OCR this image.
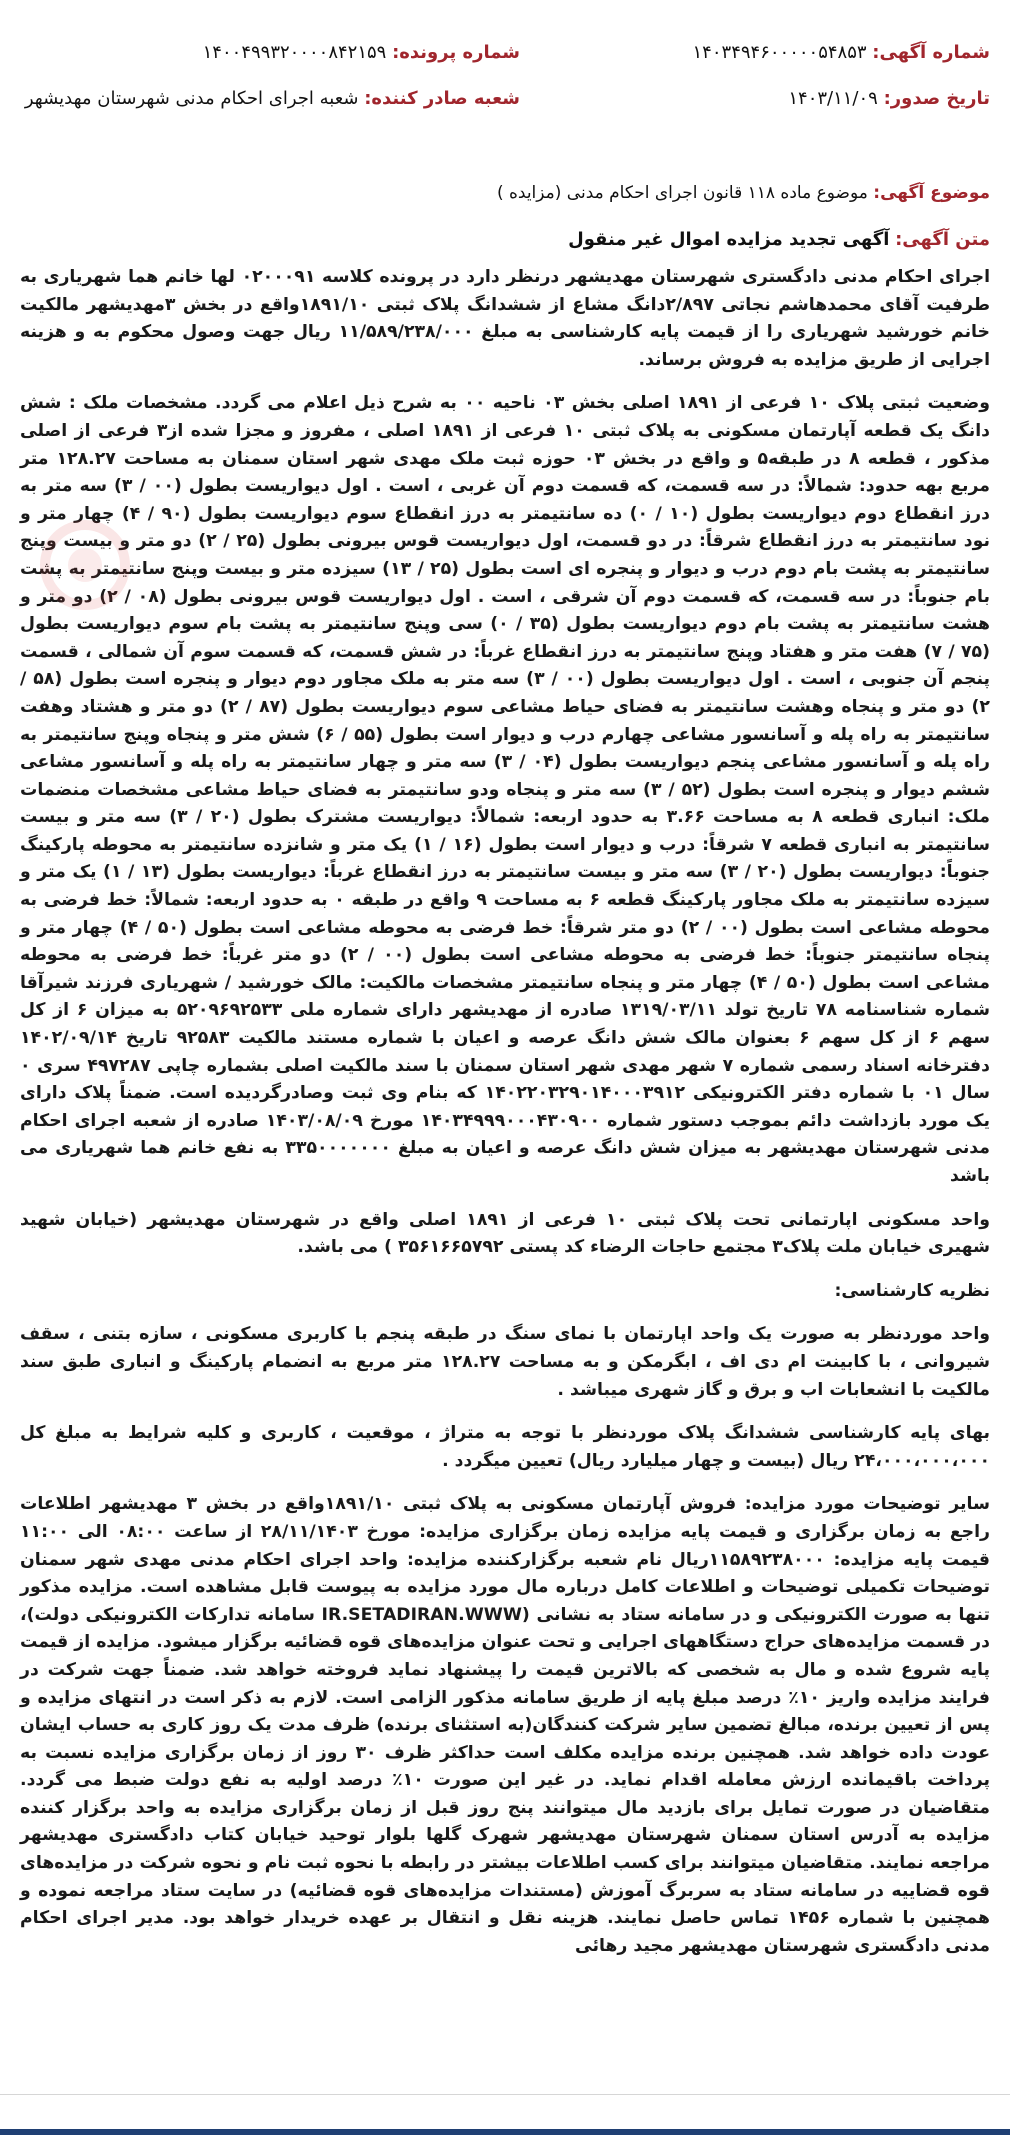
شماره آگهی: ۱۴۰۳۴۹۴۶۰۰۰۰۰۵۴۸۵۳
شماره پرونده: ۱۴۰۰۴۹۹۳۲۰۰۰۰۸۴۲۱۵۹
تاریخ صدور: ۱۴۰۳/۱۱/۰۹
شعبه صادر کننده: شعبه اجرای احکام مدنی شهرستان مهدیشهر
موضوع آگهی: موضوع ماده ۱۱۸ قانون اجرای احکام مدنی (مزایده )
متن آگهی: آگهی تجدید مزایده اموال غیر منقول

اجرای احکام مدنی دادگستری شهرستان مهدیشهر درنظر دارد در پرونده کلاسه ۰۲۰۰۰۹۱ لها خانم هما شهریاری به طرفیت آقای محمدهاشم نجاتی ۲/۸۹۷دانگ مشاع از ششدانگ پلاک ثبتی ۱۸۹۱/۱۰واقع در بخش ۳مهدیشهر مالکیت خانم خورشید شهریاری را از قیمت پایه کارشناسی به مبلغ ۱۱/۵۸۹/۲۳۸/۰۰۰ ریال جهت وصول محکوم به و هزینه اجرایی از طریق مزایده به فروش برساند.

وضعیت ثبتی پلاک ۱۰ فرعی از ۱۸۹۱ اصلی بخش ۰۳ ناحیه ۰۰ به شرح ذیل اعلام می گردد. مشخصات ملک : شش دانگ یک قطعه آپارتمان مسکونی به پلاک ثبتی ۱۰ فرعی از ۱۸۹۱ اصلی ، مفروز و مجزا شده از۳ فرعی از اصلی مذکور ، قطعه ۸ در طبقه۵ و واقع در بخش ۰۳ حوزه ثبت ملک مهدی شهر استان سمنان به مساحت ۱۲۸.۲۷ متر مربع بهه حدود: شمالاً: در سه قسمت، که قسمت دوم آن غربی ، است . اول دیواریست بطول (۰۰ / ۳) سه متر به درز انقطاع دوم دیواریست بطول (۱۰ / ۰) ده سانتیمتر به درز انقطاع سوم دیواریست بطول (۹۰ / ۴) چهار متر و نود سانتیمتر به درز انقطاع شرقاً: در دو قسمت، اول دیواریست قوس بیرونی بطول (۲۵ / ۲) دو متر و بیست وپنج سانتیمتر به پشت بام دوم درب و دیوار و پنجره ای است بطول (۲۵ / ۱۳) سیزده متر و بیست وپنج سانتیمتر به پشت بام جنوباً: در سه قسمت، که قسمت دوم آن شرقی ، است . اول دیواریست قوس بیرونی بطول (۰۸ / ۲) دو متر و هشت سانتیمتر به پشت بام دوم دیواریست بطول (۳۵ / ۰) سی وپنج سانتیمتر به پشت بام سوم دیواریست بطول (۷۵ / ۷) هفت متر و هفتاد وپنج سانتیمتر به درز انقطاع غرباً: در شش قسمت، که قسمت سوم آن شمالی ، قسمت پنجم آن جنوبی ، است . اول دیواریست بطول (۰۰ / ۳) سه متر به ملک مجاور دوم دیوار و پنجره است بطول (۵۸ / ۲) دو متر و پنجاه وهشت سانتیمتر به فضای حیاط مشاعی سوم دیواریست بطول (۸۷ / ۲) دو متر و هشتاد وهفت سانتیمتر به راه پله و آسانسور مشاعی چهارم درب و دیوار است بطول (۵۵ / ۶) شش متر و پنجاه وپنج سانتیمتر به راه پله و آسانسور مشاعی پنجم دیواریست بطول (۰۴ / ۳) سه متر و چهار سانتیمتر به راه پله و آسانسور مشاعی ششم دیوار و پنجره است بطول (۵۲ / ۳) سه متر و پنجاه ودو سانتیمتر به فضای حیاط مشاعی مشخصات منضمات ملک: انباری قطعه ۸ به مساحت ۳.۶۶ به حدود اربعه: شمالاً: دیواریست مشترک بطول (۲۰ / ۳) سه متر و بیست سانتیمتر به انباری قطعه ۷ شرقاً: درب و دیوار است بطول (۱۶ / ۱) یک متر و شانزده سانتیمتر به محوطه پارکینگ جنوباً: دیواریست بطول (۲۰ / ۳) سه متر و بیست سانتیمتر به درز انقطاع غرباً: دیواریست بطول (۱۳ / ۱) یک متر و سیزده سانتیمتر به ملک مجاور پارکینگ قطعه ۶ به مساحت ۹ واقع در طبقه ۰ به حدود اربعه: شمالاً: خط فرضی به محوطه مشاعی است بطول (۰۰ / ۲) دو متر شرقاً: خط فرضی به محوطه مشاعی است بطول (۵۰ / ۴) چهار متر و پنجاه سانتیمتر جنوباً: خط فرضی به محوطه مشاعی است بطول (۰۰ / ۲) دو متر غرباً: خط فرضی به محوطه مشاعی است بطول (۵۰ / ۴) چهار متر و پنجاه سانتیمتر مشخصات مالکیت: مالک خورشید / شهریاری فرزند شیرآقا شماره شناسنامه ۷۸ تاریخ تولد ۱۳۱۹/۰۳/۱۱ صادره از مهدیشهر دارای شماره ملی ۵۲۰۹۶۹۲۵۳۳ به میزان ۶ از کل سهم ۶ از کل سهم ۶ بعنوان مالک شش دانگ عرصه و اعیان با شماره مستند مالکیت ۹۲۵۸۳ تاریخ ۱۴۰۲/۰۹/۱۴ دفترخانه اسناد رسمی شماره ۷ شهر مهدی شهر استان سمنان با سند مالکیت اصلی بشماره چاپی ۴۹۷۲۸۷ سری ۰ سال ۰۱ با شماره دفتر الکترونیکی ۱۴۰۲۲۰۳۲۹۰۱۴۰۰۰۳۹۱۲ که بنام وی ثبت وصادرگردیده است. ضمناً پلاک دارای یک مورد بازداشت دائم بموجب دستور شماره ۱۴۰۳۴۹۹۹۰۰۰۴۳۰۹۰۰ مورخ ۱۴۰۳/۰۸/۰۹ صادره از شعبه اجرای احکام مدنی شهرستان مهدیشهر به میزان شش دانگ عرصه و اعیان به مبلغ ۳۳۵۰۰۰۰۰۰۰ به نفع خانم هما شهریاری می باشد

واحد مسکونی اپارتمانی تحت پلاک ثبتی ۱۰ فرعی از ۱۸۹۱ اصلی واقع در شهرستان مهدیشهر (خیابان شهید شهیری خیابان ملت پلاک۳ مجتمع حاجات الرضاء کد پستی ۳۵۶۱۶۶۵۷۹۲ ) می باشد.

نظریه کارشناسی:

واحد موردنظر به صورت یک واحد اپارتمان با نمای سنگ در طبقه پنجم با کاربری مسکونی ، سازه بتنی ، سقف شیروانی ، با کابینت ام دی اف ، ابگرمکن و به مساحت ۱۲۸.۲۷ متر مربع به انضمام پارکینگ و انباری طبق سند مالکیت با انشعابات اب و برق و گاز شهری میباشد .

بهای پایه کارشناسی ششدانگ پلاک موردنظر با توجه به متراژ ، موقعیت ، کاربری و کلیه شرایط به مبلغ کل ۲۴،۰۰۰،۰۰۰،۰۰۰ ریال (بیست و چهار میلیارد ریال) تعیین میگردد .

سایر توضیحات مورد مزایده: فروش آپارتمان مسکونی به پلاک ثبتی ۱۸۹۱/۱۰واقع در بخش ۳ مهدیشهر اطلاعات راجع به زمان برگزاری و قیمت پایه مزایده زمان برگزاری مزایده: مورخ ۲۸/۱۱/۱۴۰۳ از ساعت ۰۸:۰۰ الی ۱۱:۰۰ قیمت پایه مزایده: ۱۱۵۸۹۲۳۸۰۰۰ریال نام شعبه برگزارکننده مزایده: واحد اجرای احکام مدنی مهدی شهر سمنان توضیحات تکمیلی توضیحات و اطلاعات کامل درباره مال مورد مزایده به پیوست قابل مشاهده است. مزایده مذکور تنها به صورت الکترونیکی و در سامانه ستاد به نشانی (IR.SETADIRAN.WWW سامانه تدارکات الکترونیکی دولت)، در قسمت مزایده‌های حراج دستگاههای اجرایی و تحت عنوان مزایده‌های قوه قضائیه برگزار میشود. مزایده از قیمت پایه شروع شده و مال به شخصی که بالاترین قیمت را پیشنهاد نماید فروخته خواهد شد. ضمناً جهت شرکت در فرایند مزایده واریز ۱۰٪ درصد مبلغ پایه از طریق سامانه مذکور الزامی است. لازم به ذکر است در انتهای مزایده و پس از تعیین برنده، مبالغ تضمین سایر شرکت کنندگان(به استثنای برنده) ظرف مدت یک روز کاری به حساب ایشان عودت داده خواهد شد. همچنین برنده مزایده مکلف است حداکثر ظرف ۳۰ روز از زمان برگزاری مزایده نسبت به پرداخت باقیمانده ارزش معامله اقدام نماید. در غیر این صورت ۱۰٪ درصد اولیه به نفع دولت ضبط می گردد. متقاضیان در صورت تمایل برای بازدید مال میتوانند پنج روز قبل از زمان برگزاری مزایده به واحد برگزار کننده مزایده به آدرس استان سمنان شهرستان مهدیشهر شهرک گلها بلوار توحید خیابان کتاب دادگستری مهدیشهر مراجعه نمایند. متقاضیان میتوانند برای کسب اطلاعات بیشتر در رابطه با نحوه ثبت نام و نحوه شرکت در مزایده‌های قوه قضاییه در سامانه ستاد به سربرگ آموزش (مستندات مزایده‌های قوه قضائیه) در سایت ستاد مراجعه نموده و همچنین با شماره ۱۴۵۶ تماس حاصل نمایند. هزینه نقل و انتقال بر عهده خریدار خواهد بود. مدیر اجرای احکام مدنی دادگستری شهرستان مهدیشهر مجید رهائی
